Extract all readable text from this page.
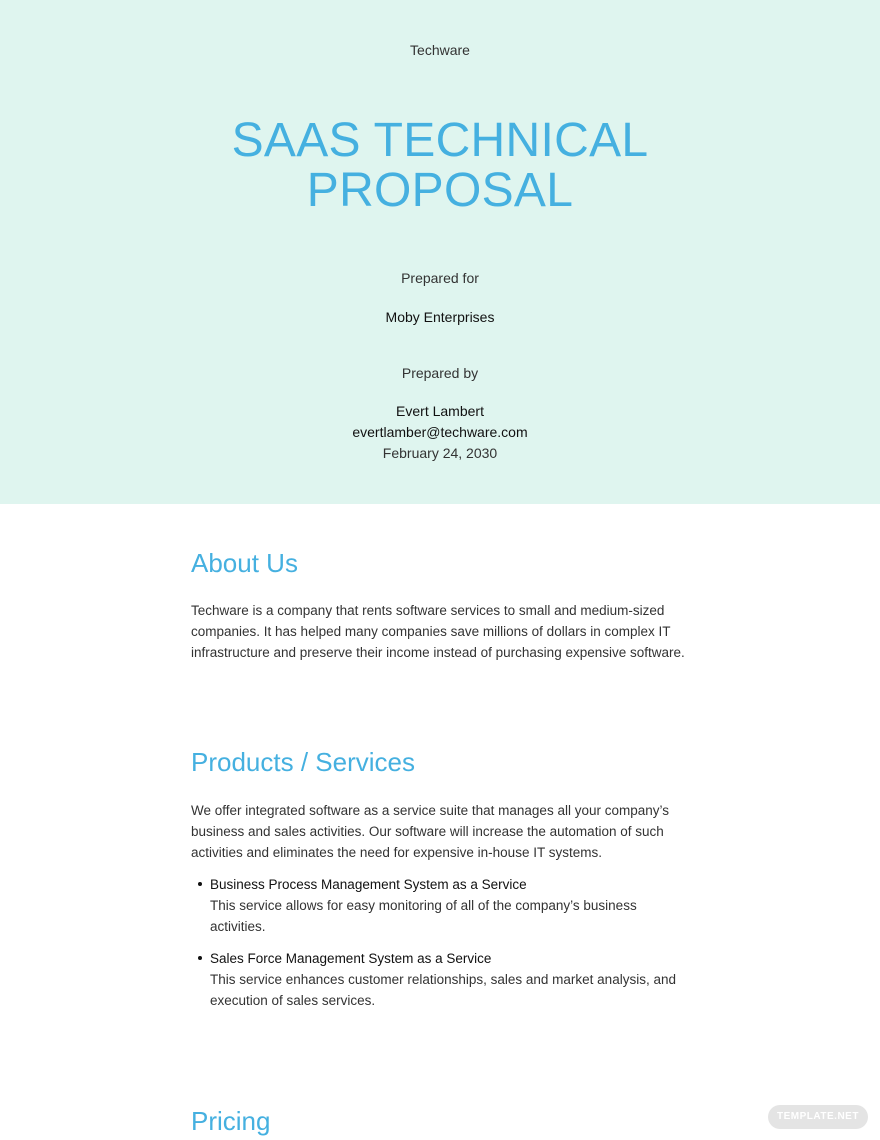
Techware

SAAS TECHNICAL
PROPOSAL

Prepared for

Moby Enterprises

Prepared by

Evert Lambert

evertlamber@techware.com

February 24, 2030

About Us

Techware is a company that rents software services to small and medium-sized
companies. It has helped many companies save millions of dollars in complex IT
infrastructure and preserve their income instead of purchasing expensive software.

Products / Services

We offer integrated software as a service suite that manages all your company’s
business and sales activities. Our software will increase the automation of such
activities and eliminates the need for expensive in-house IT systems.

Business Process Management System as a Service

This service allows for easy monitoring of all of the company’s business
activities.

Sales Force Management System as a Service

This service enhances customer relationships, sales and market analysis, and
execution of sales services.

Pricing	TEMPLATE.NET
